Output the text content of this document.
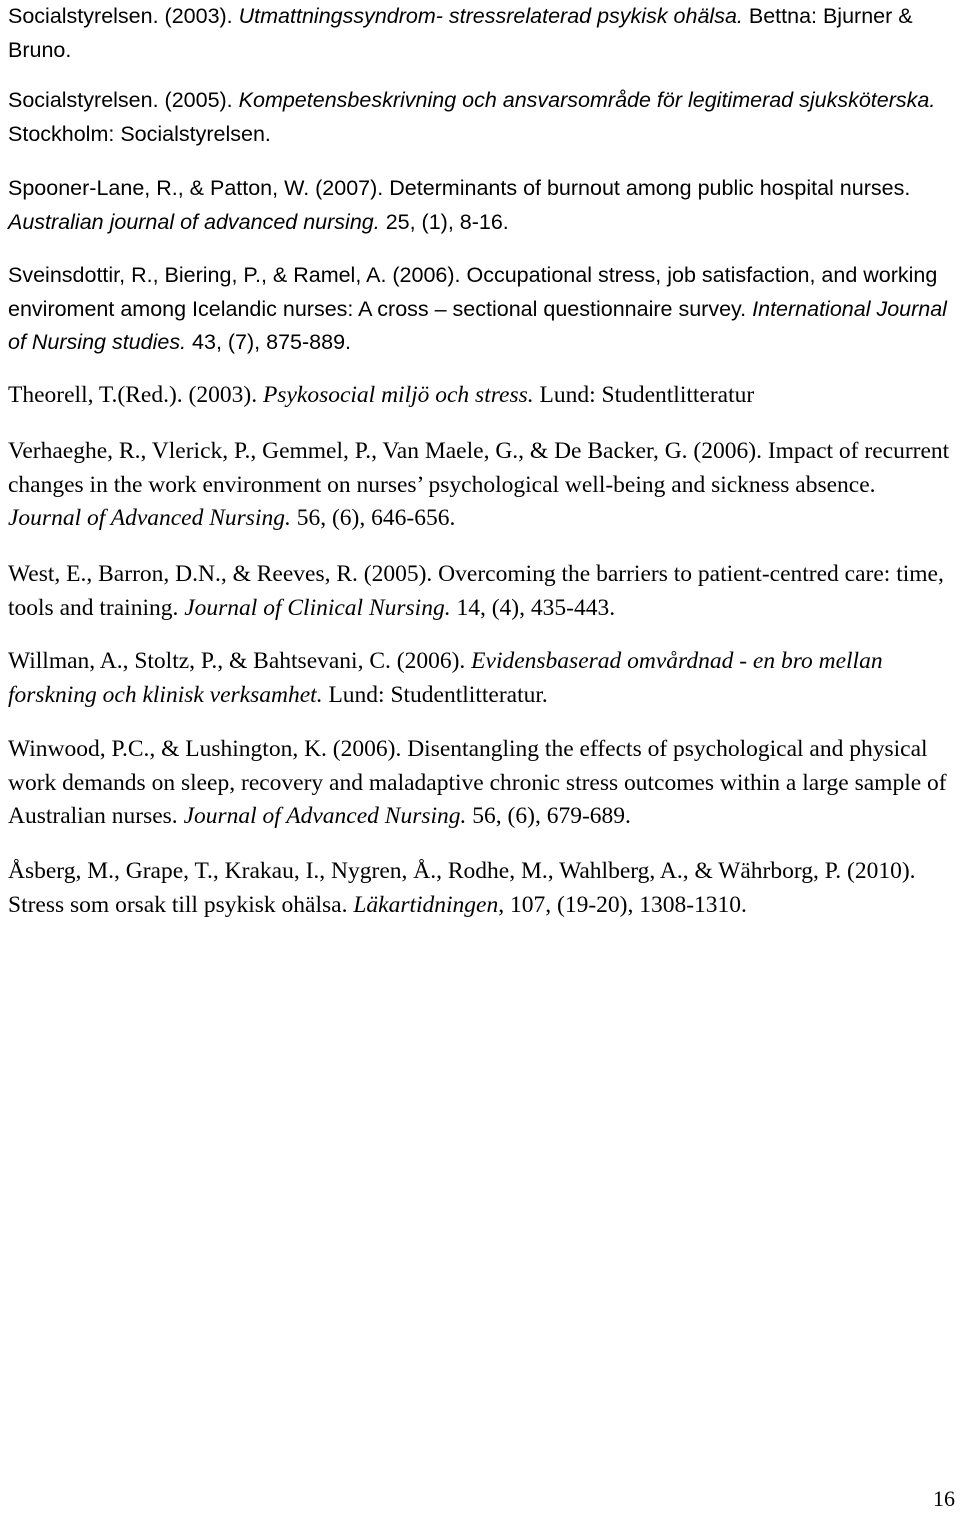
Socialstyrelsen. (2003). Utmattningssyndrom- stressrelaterad psykisk ohälsa. Bettna: Bjurner & Bruno.

Socialstyrelsen. (2005). Kompetensbeskrivning och ansvarsområde för legitimerad sjuksköterska. Stockholm: Socialstyrelsen.

Spooner-Lane, R., & Patton, W. (2007). Determinants of burnout among public hospital nurses. Australian journal of advanced nursing. 25, (1), 8-16.

Sveinsdottir, R., Biering, P., & Ramel, A. (2006). Occupational stress, job satisfaction, and working enviroment among Icelandic nurses: A cross – sectional questionnaire survey. International Journal of Nursing studies. 43, (7), 875-889.

Theorell, T.(Red.). (2003). Psykosocial miljö och stress. Lund: Studentlitteratur

Verhaeghe, R., Vlerick, P., Gemmel, P., Van Maele, G., & De Backer, G. (2006). Impact of recurrent changes in the work environment on nurses’ psychological well-being and sickness absence. Journal of Advanced Nursing. 56, (6), 646-656.

West, E., Barron, D.N., & Reeves, R. (2005). Overcoming the barriers to patient-centred care: time, tools and training. Journal of Clinical Nursing. 14, (4), 435-443.

Willman, A., Stoltz, P., & Bahtsevani, C. (2006). Evidensbaserad omvårdnad - en bro mellan forskning och klinisk verksamhet. Lund: Studentlitteratur.

Winwood, P.C., & Lushington, K. (2006). Disentangling the effects of psychological and physical work demands on sleep, recovery and maladaptive chronic stress outcomes within a large sample of Australian nurses. Journal of Advanced Nursing. 56, (6), 679-689.

Åsberg, M., Grape, T., Krakau, I., Nygren, Å., Rodhe, M., Wahlberg, A., & Währborg, P. (2010). Stress som orsak till psykisk ohälsa. Läkartidningen, 107, (19-20), 1308-1310.

16
